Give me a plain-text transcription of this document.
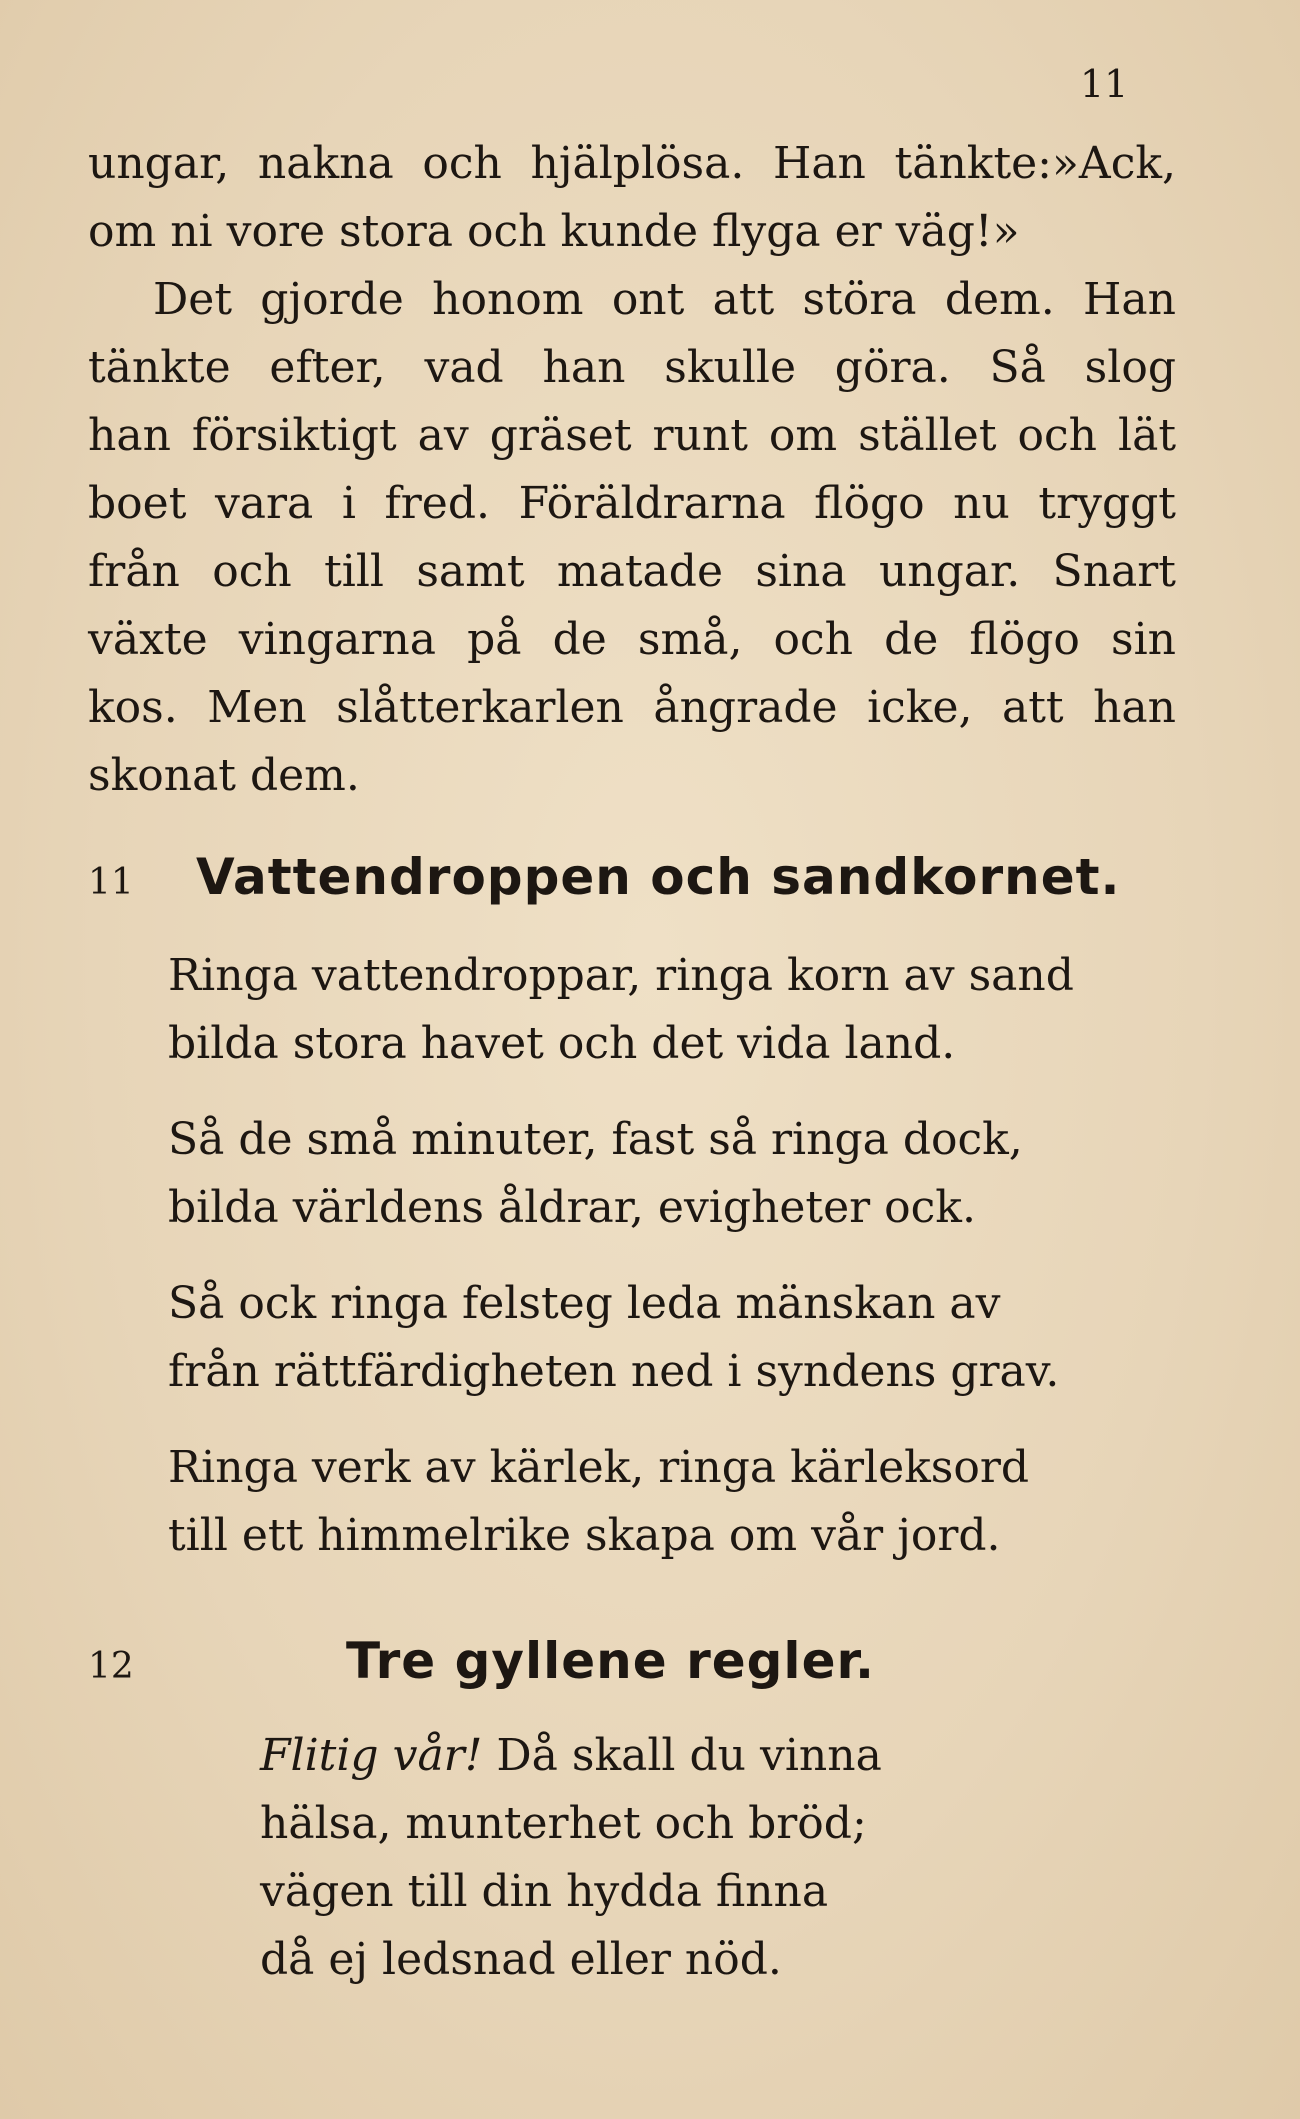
11
ungar, nakna och hjälplösa. Han tänkte:»Ack,
om ni vore stora och kunde flyga er väg!»
Det gjorde honom ont att störa dem. Han
tänkte efter, vad han skulle göra. Så slog
han försiktigt av gräset runt om stället och lät
boet vara i fred. Föräldrarna flögo nu tryggt
från och till samt matade sina ungar. Snart
växte vingarna på de små, och de flögo sin
kos. Men slåtterkarlen ångrade icke, att han
skonat dem.
11 Vattendroppen och sandkornet.
Ringa vattendroppar, ringa korn av sand
bilda stora havet och det vida land.
Så de små minuter, fast så ringa dock,
bilda världens åldrar, evigheter ock.
Så ock ringa felsteg leda mänskan av
från rättfärdigheten ned i syndens grav.
Ringa verk av kärlek, ringa kärleksord
till ett himmelrike skapa om vår jord.
12	Tre gyllene regler.
Flitig vår! Då skall du vinna
hälsa, munterhet och bröd;
vägen till din hydda finna
då ej ledsnad eller nöd.
